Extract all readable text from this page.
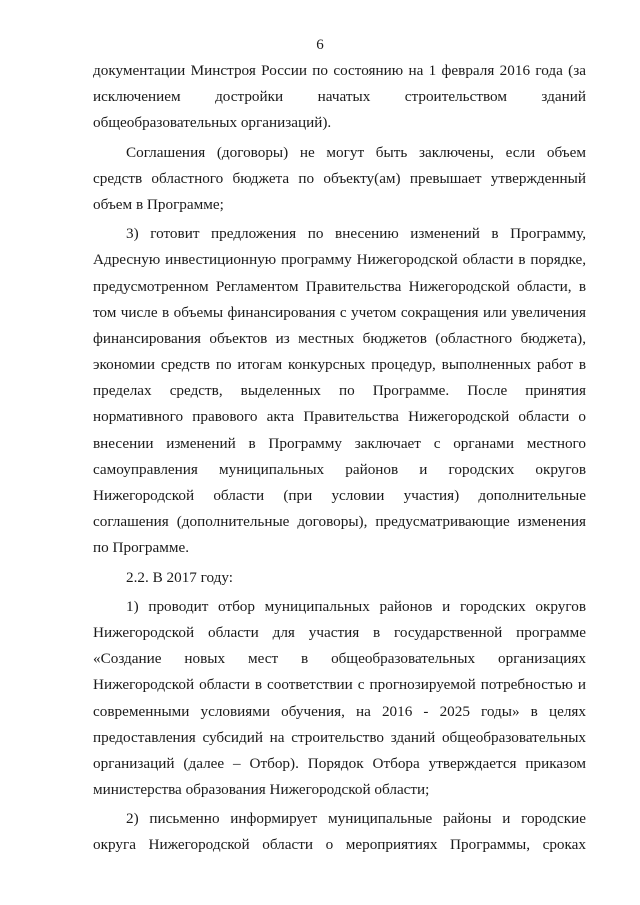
6
документации Минстроя России по состоянию на 1 февраля 2016 года (за
исключением достройки начатых строительством зданий
общеобразовательных организаций).
Соглашения (договоры) не могут быть заключены, если объем
средств областного бюджета по объекту(ам) превышает утвержденный
объем в Программе;
3) готовит предложения по внесению изменений в Программу,
Адресную инвестиционную программу Нижегородской области в порядке,
предусмотренном Регламентом Правительства Нижегородской области, в
том числе в объемы финансирования с учетом сокращения или увеличения
финансирования объектов из местных бюджетов (областного бюджета),
экономии средств по итогам конкурсных процедур, выполненных работ в
пределах средств, выделенных по Программе. После принятия
нормативного правового акта Правительства Нижегородской области о
внесении изменений в Программу заключает с органами местного
самоуправления муниципальных районов и городских округов
Нижегородской области (при условии участия) дополнительные
соглашения (дополнительные договоры), предусматривающие изменения
по Программе.
2.2. В 2017 году:
1) проводит отбор муниципальных районов и городских округов
Нижегородской области для участия в государственной программе
«Создание новых мест в общеобразовательных организациях
Нижегородской области в соответствии с прогнозируемой потребностью и
современными условиями обучения, на 2016 - 2025 годы» в целях
предоставления субсидий на строительство зданий общеобразовательных
организаций (далее – Отбор). Порядок Отбора утверждается приказом
министерства образования Нижегородской области;
2) письменно информирует муниципальные районы и городские
округа Нижегородской области о мероприятиях Программы, сроках
